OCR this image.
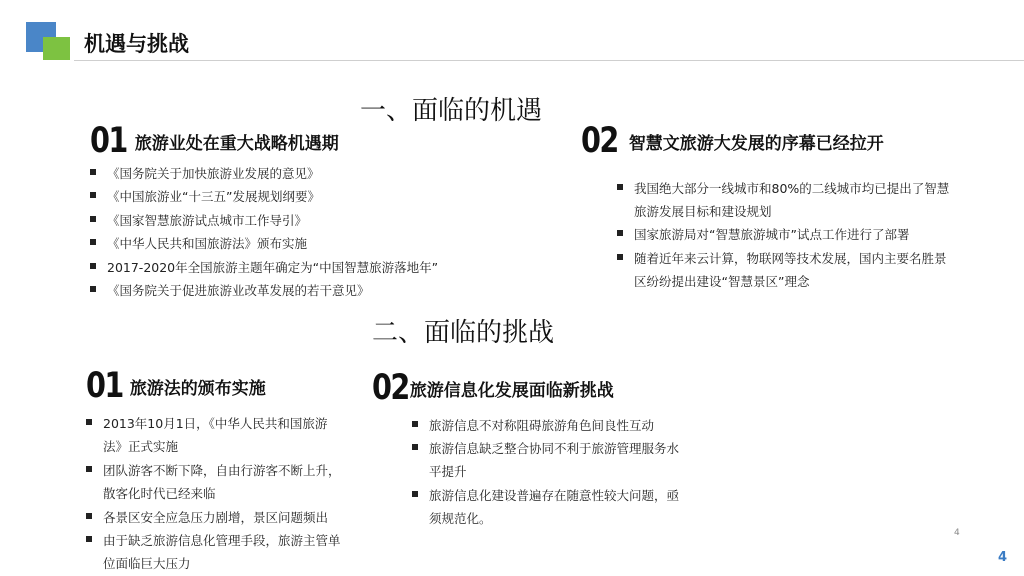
机遇与挑战
一、面临的机遇
01 旅游业处在重大战略机遇期
《国务院关于加快旅游业发展的意见》
《中国旅游业“十三五”发展规划纲要》
《国家智慧旅游试点城市工作导引》
《中华人民共和国旅游法》颁布实施
2017-2020年全国旅游主题年确定为“中国智慧旅游落地年”
《国务院关于促进旅游业改革发展的若干意见》
02 智慧文旅游大发展的序幕已经拉开
我国绝大部分一线城市和80%的二线城市均已提出了智慧旅游发展目标和建设规划
国家旅游局对“智慧旅游城市”试点工作进行了部署
随着近年来云计算，物联网等技术发展，国内主要名胜景区纷纷提出建设“智慧景区”理念
二、面临的挑战
01 旅游法的颁布实施
2013年10月1日，《中华人民共和国旅游法》正式实施
团队游客不断下降，自由行游客不断上升，散客化时代已经来临
各景区安全应急压力剧增，景区问题频出
由于缺乏旅游信息化管理手段，旅游主管单位面临巨大压力
02 旅游信息化发展面临新挑战
旅游信息不对称阻碍旅游角色间良性互动
旅游信息缺乏整合协同不利于旅游管理服务水平提升
旅游信息化建设普遍存在随意性较大问题，亟须规范化。
4
4
